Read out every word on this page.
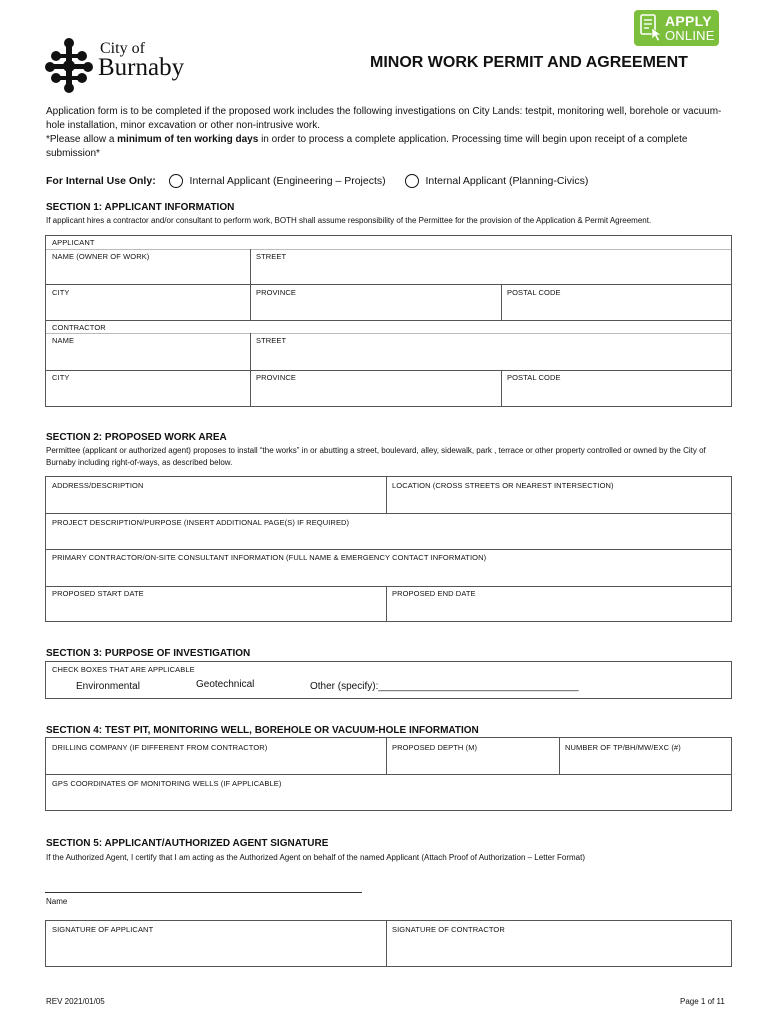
City of
Burnaby
APPLY
ONLINE
MINOR WORK PERMIT AND AGREEMENT

Application form is to be completed if the proposed work includes the following investigations on City Lands: testpit, monitoring well, borehole or vacuum-hole installation, minor excavation or other non-intrusive work.

*Please allow a minimum of ten working days in order to process a complete application. Processing time will begin upon receipt of a complete submission*

For Internal Use Only:	Internal Applicant (Engineering – Projects)	Internal Applicant (Planning-Civics)
SECTION 1: APPLICANT INFORMATION
If applicant hires a contractor and/or consultant to perform work, BOTH shall assume responsibility of the Permittee for the provision of the Application & Permit Agreement.
APPLICANT
NAME (OWNER OF WORK)	STREET
CITY	PROVINCE	POSTAL CODE
CONTRACTOR
NAME	STREET
CITY	PROVINCE	POSTAL CODE
SECTION 2: PROPOSED WORK AREA
Permittee (applicant or authorized agent) proposes to install “the works” in or abutting a street, boulevard, alley, sidewalk, park , terrace or other property controlled or owned by the City of Burnaby including right-of-ways, as described below.
ADDRESS/DESCRIPTION	LOCATION (CROSS STREETS OR NEAREST INTERSECTION)
PROJECT DESCRIPTION/PURPOSE (INSERT ADDITIONAL PAGE(S) IF REQUIRED)
PRIMARY CONTRACTOR/ON-SITE CONSULTANT INFORMATION (FULL NAME & EMERGENCY CONTACT INFORMATION)
PROPOSED START DATE	PROPOSED END DATE
SECTION 3: PURPOSE OF INVESTIGATION
CHECK BOXES THAT ARE APPLICABLE
Environmental	Geotechnical	Other (specify):____________________________________
SECTION 4: TEST PIT, MONITORING WELL, BOREHOLE OR VACUUM-HOLE INFORMATION
DRILLING COMPANY (IF DIFFERENT FROM CONTRACTOR)	PROPOSED DEPTH (M)	NUMBER OF TP/BH/MW/EXC (#)
GPS COORDINATES OF MONITORING WELLS (IF APPLICABLE)
SECTION 5: APPLICANT/AUTHORIZED AGENT SIGNATURE
If the Authorized Agent, I certify that I am acting as the Authorized Agent on behalf of the named Applicant (Attach Proof of Authorization – Letter Format)
Name
SIGNATURE OF APPLICANT	SIGNATURE OF CONTRACTOR
REV 2021/01/05	Page 1 of 11
